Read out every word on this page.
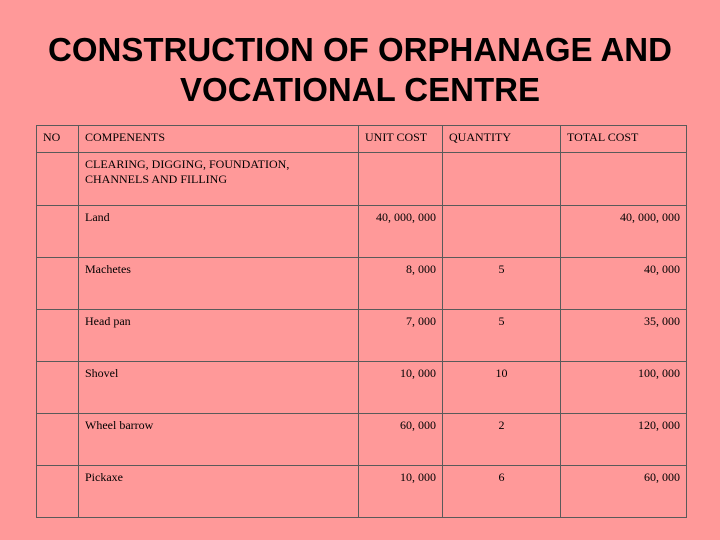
CONSTRUCTION OF ORPHANAGE AND
VOCATIONAL CENTRE
NO	COMPENENTS	UNIT COST	QUANTITY	TOTAL COST
	CLEARING, DIGGING, FOUNDATION, CHANNELS AND FILLING			
	Land	40, 000, 000		40, 000, 000
	Machetes	8, 000	5	40, 000
	Head pan	7, 000	5	35, 000
	Shovel	10, 000	10	100, 000
	Wheel barrow	60, 000	2	120, 000
	Pickaxe	10, 000	6	60, 000
